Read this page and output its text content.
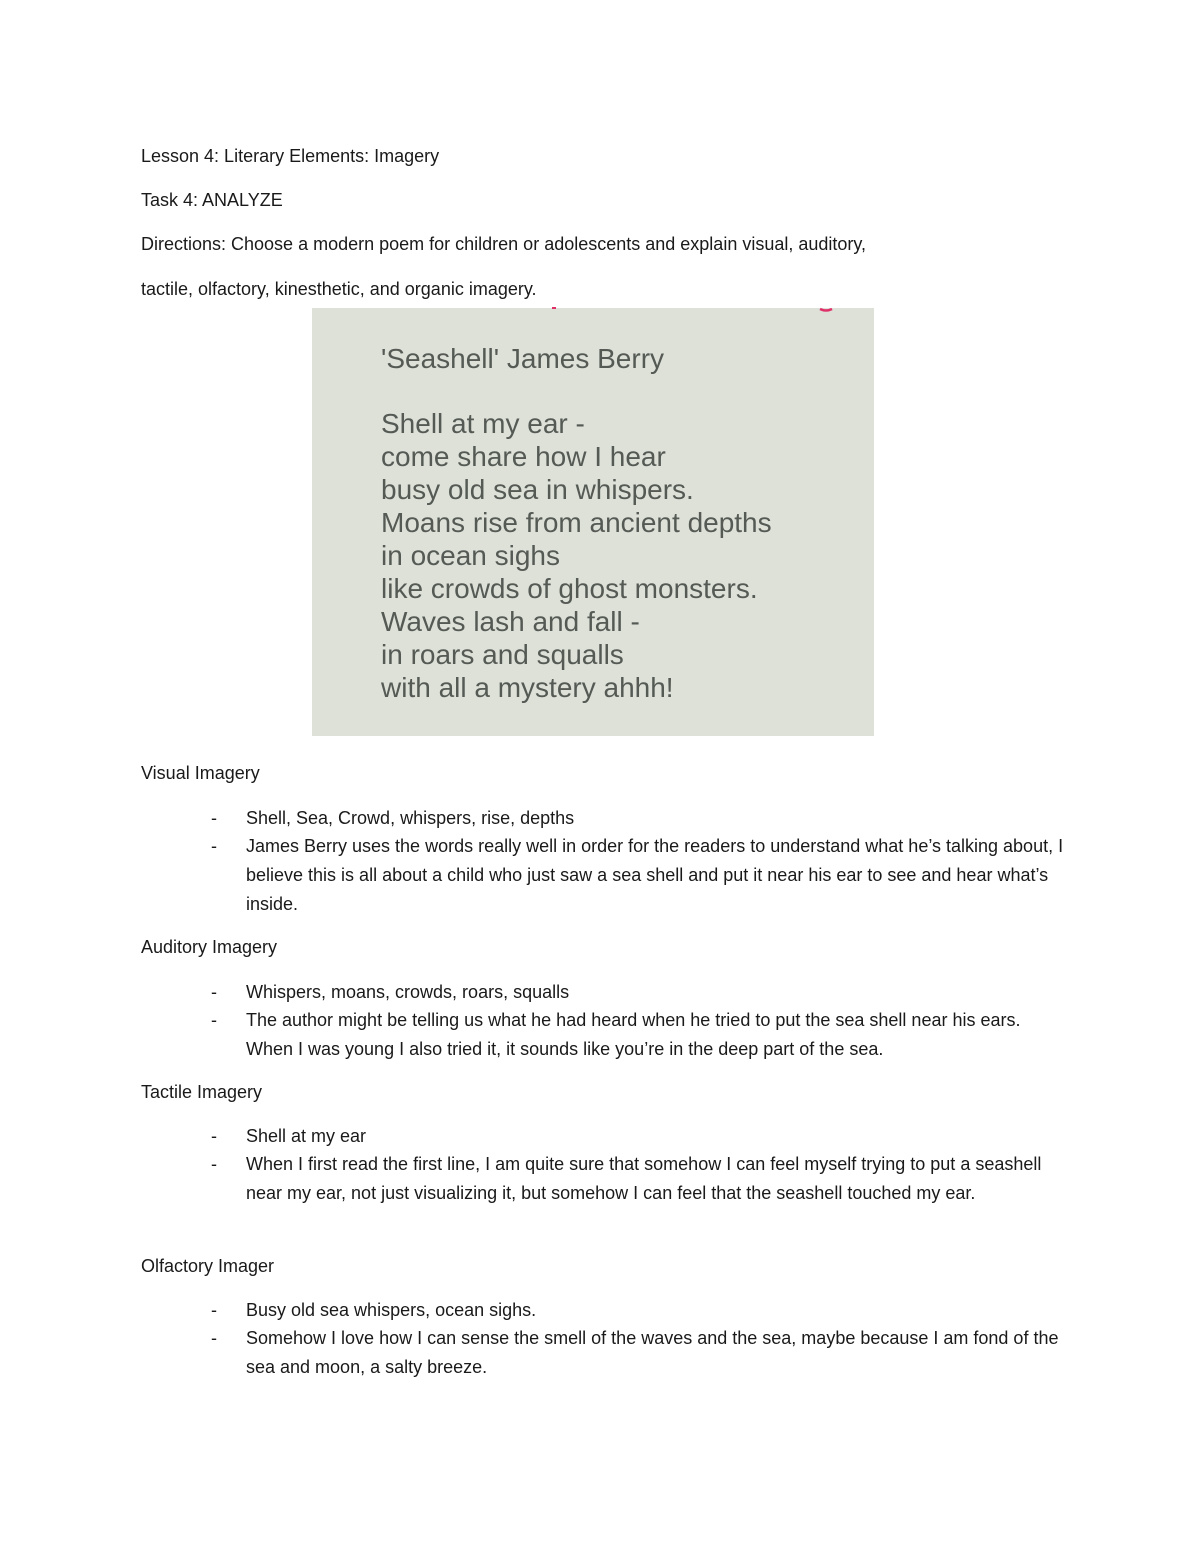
Lesson 4: Literary Elements: Imagery
Task 4: ANALYZE
Directions: Choose a modern poem for children or adolescents and explain visual, auditory,
tactile, olfactory, kinesthetic, and organic imagery.
'Seashell' James Berry
Shell at my ear -
come share how I hear
busy old sea in whispers.
Moans rise from ancient depths
in ocean sighs
like crowds of ghost monsters.
Waves lash and fall -
in roars and squalls
with all a mystery ahhh!
Visual Imagery
- Shell, Sea, Crowd, whispers, rise, depths
- James Berry uses the words really well in order for the readers to understand what he’s talking about, I believe this is all about a child who just saw a sea shell and put it near his ear to see and hear what’s inside.
Auditory Imagery
- Whispers, moans, crowds, roars, squalls
- The author might be telling us what he had heard when he tried to put the sea shell near his ears. When I was young I also tried it, it sounds like you’re in the deep part of the sea.
Tactile Imagery
- Shell at my ear
- When I first read the first line, I am quite sure that somehow I can feel myself trying to put a seashell near my ear, not just visualizing it, but somehow I can feel that the seashell touched my ear.
Olfactory Imager
- Busy old sea whispers, ocean sighs.
- Somehow I love how I can sense the smell of the waves and the sea, maybe because I am fond of the sea and moon, a salty breeze.
